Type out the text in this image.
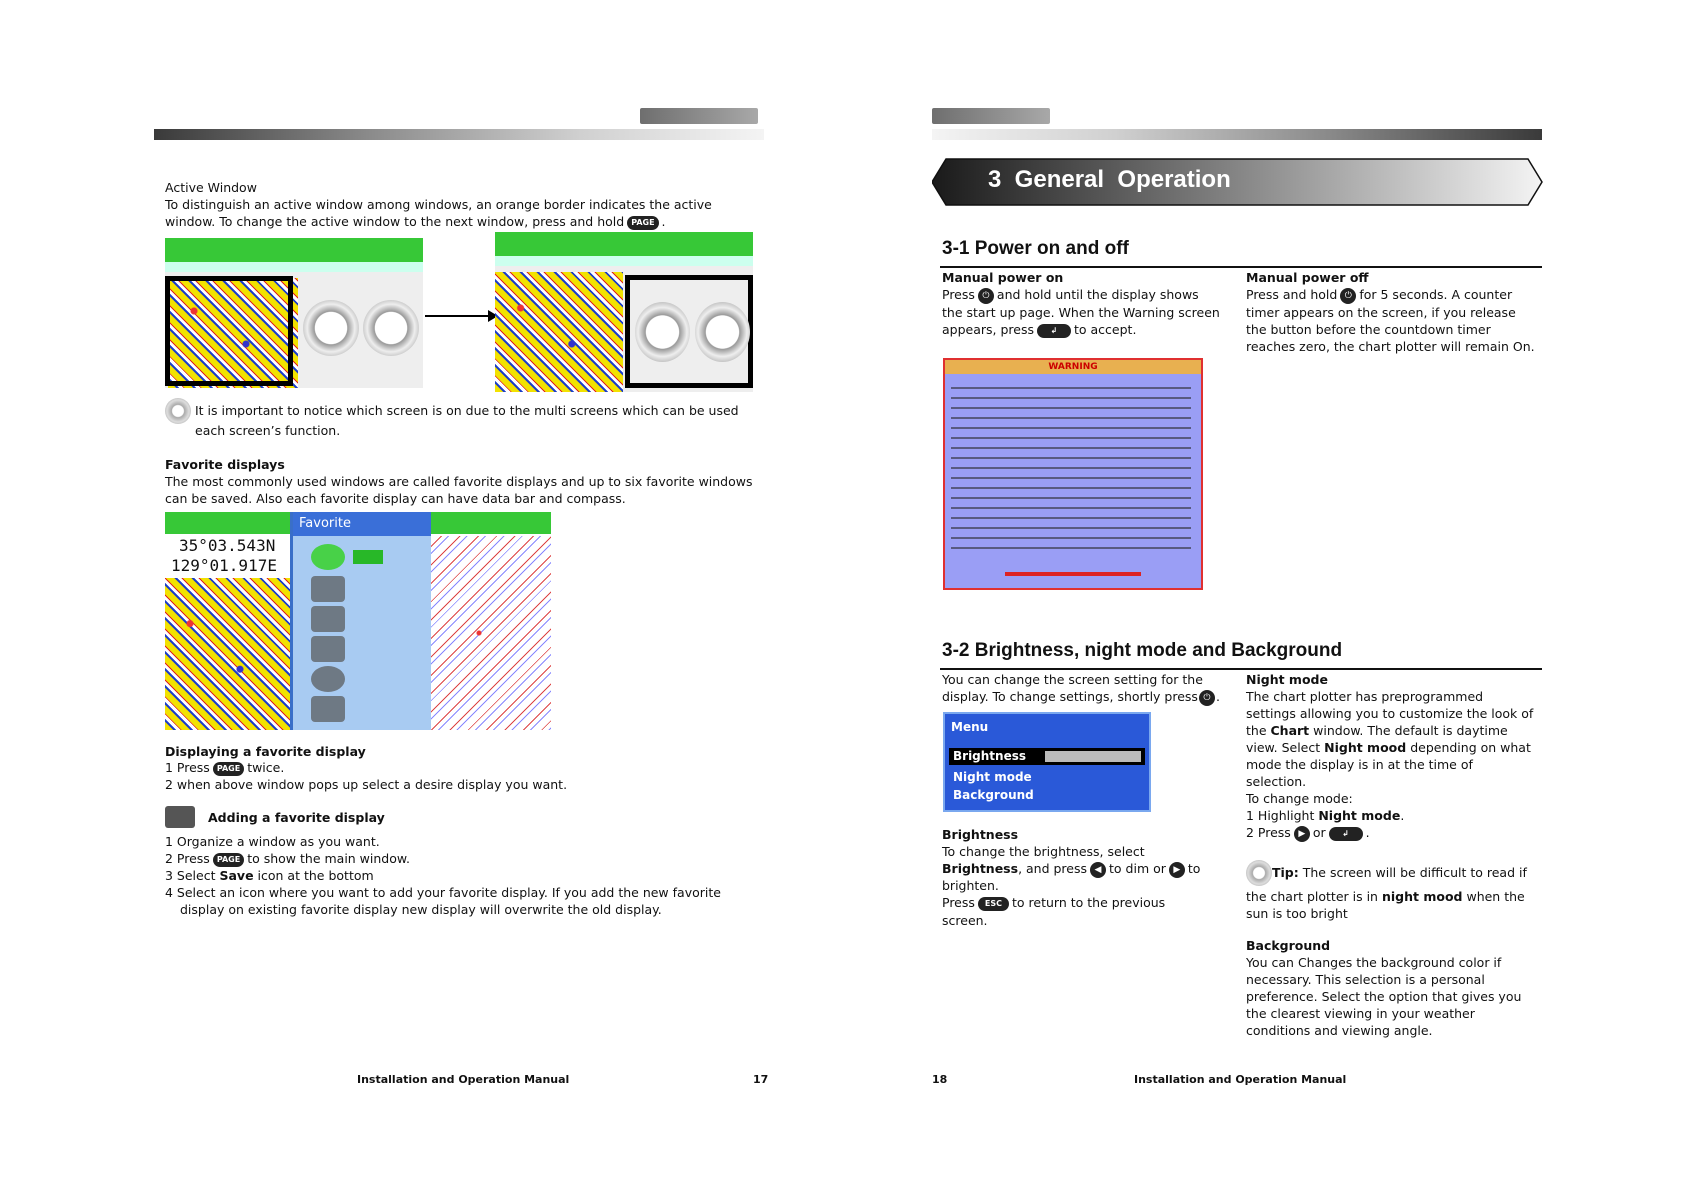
Active Window
To distinguish an active window among windows, an orange border indicates the active
window. To change the active window to the next window, press and hold PAGE .
It is important to notice which screen is on due to the multi screens which can be used
each screen’s function.
Favorite displays
The most commonly used windows are called favorite displays and up to six favorite windows
can be saved. Also each favorite display can have data bar and compass.
35°03.543N
129°01.917E
Favorite
Displaying a favorite display
1 Press PAGE twice.
2 when above window pops up select a desire display you want.
Adding a favorite display
1 Organize a window as you want.
2 Press PAGE to show the main window.
3 Select Save icon at the bottom
4 Select an icon where you want to add your favorite display. If you add the new favorite
display on existing favorite display new display will overwrite the old display.
Installation and Operation Manual	17
3  General  Operation
3-1 Power on and off
Manual power on
Press ⏻ and hold until the display shows
the start up page. When the Warning screen
appears, press ↲ to accept.
Manual power off
Press and hold ⏻ for 5 seconds. A counter
timer appears on the screen, if you release
the button before the countdown timer
reaches zero, the chart plotter will remain On.
WARNING
3-2 Brightness, night mode and Background
You can change the screen setting for the
display. To change settings, shortly press ⏻ .
Menu
Brightness
Night mode
Background
Brightness
To change the brightness, select
Brightness, and press ◀ to dim or ▶ to
brighten.
Press ESC to return to the previous
screen.
Night mode
The chart plotter has preprogrammed
settings allowing you to customize the look of
the Chart window. The default is daytime
view. Select Night mood depending on what
mode the display is in at the time of
selection.
To change mode:
1 Highlight Night mode.
2 Press ▶ or ↲ .
Tip: The screen will be difficult to read if
the chart plotter is in night mood when the
sun is too bright
Background
You can Changes the background color if
necessary. This selection is a personal
preference. Select the option that gives you
the clearest viewing in your weather
conditions and viewing angle.
18	Installation and Operation Manual
